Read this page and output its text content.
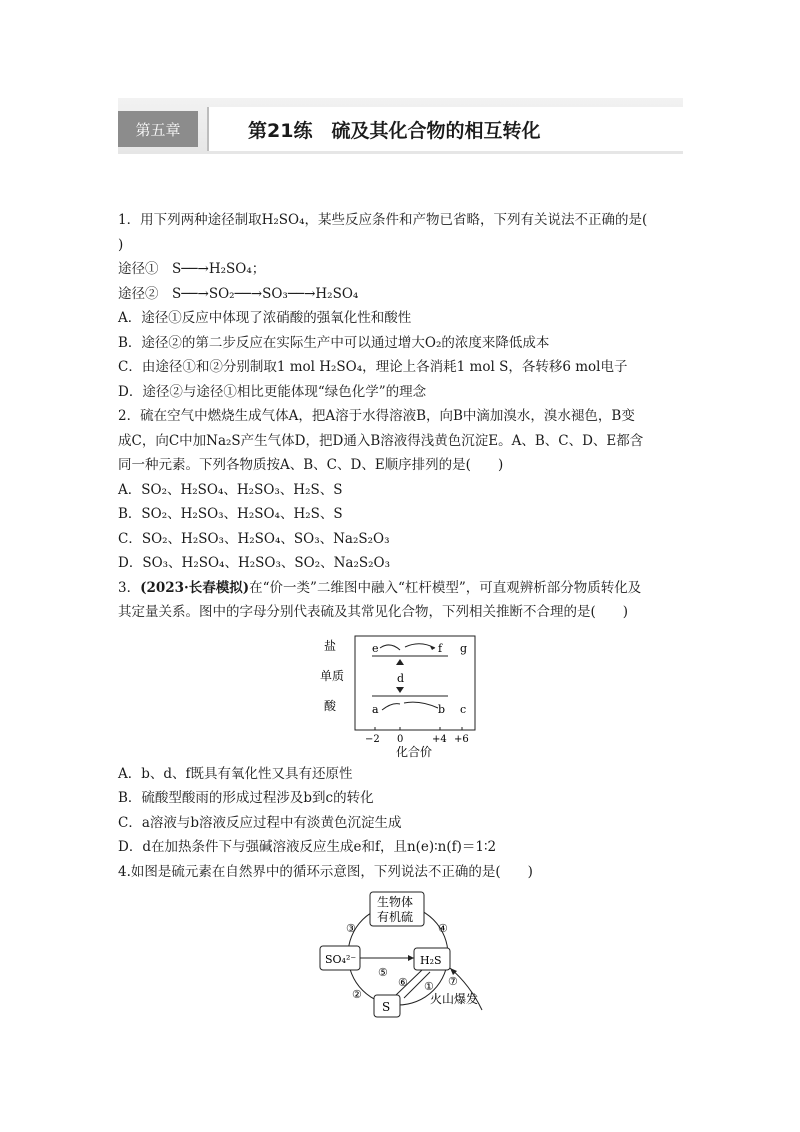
第五章	第21练　硫及其化合物的相互转化

1．用下列两种途径制取H₂SO₄，某些反应条件和产物已省略，下列有关说法不正确的是(

)

途径①　S──→H₂SO₄；

途径②　S──→SO₂──→SO₃──→H₂SO₄

A．途径①反应中体现了浓硝酸的强氧化性和酸性

B．途径②的第二步反应在实际生产中可以通过增大O₂的浓度来降低成本

C．由途径①和②分别制取1 mol H₂SO₄，理论上各消耗1 mol S，各转移6 mol电子

D．途径②与途径①相比更能体现“绿色化学”的理念

2．硫在空气中燃烧生成气体A，把A溶于水得溶液B，向B中滴加溴水，溴水褪色，B变

成C，向C中加Na₂S产生气体D，把D通入B溶液得浅黄色沉淀E。A、B、C、D、E都含

同一种元素。下列各物质按A、B、C、D、E顺序排列的是(　　)

A．SO₂、H₂SO₄、H₂SO₃、H₂S、S

B．SO₂、H₂SO₃、H₂SO₄、H₂S、S

C．SO₂、H₂SO₃、H₂SO₄、SO₃、Na₂S₂O₃

D．SO₃、H₂SO₄、H₂SO₃、SO₂、Na₂S₂O₃

3．(2023·长春模拟)在“价一类”二维图中融入“杠杆模型”，可直观辨析部分物质转化及

其定量关系。图中的字母分别代表硫及其常见化合物，下列相关推断不合理的是(　　)

A．b、d、f既具有氧化性又具有还原性

B．硫酸型酸雨的形成过程涉及b到c的转化

C．a溶液与b溶液反应过程中有淡黄色沉淀生成

D．d在加热条件下与强碱溶液反应生成e和f，且n(e)∶n(f)＝1∶2

4.如图是硫元素在自然界中的循环示意图，下列说法不正确的是(　　)

盐
单质
酸
e	f g
d
a	b c
−2 0	+4 +6
化合价
生物体
有机硫
SO₄²⁻	H₂S
S
③	④
⑤
⑥ ①
②
⑦
火山爆发
